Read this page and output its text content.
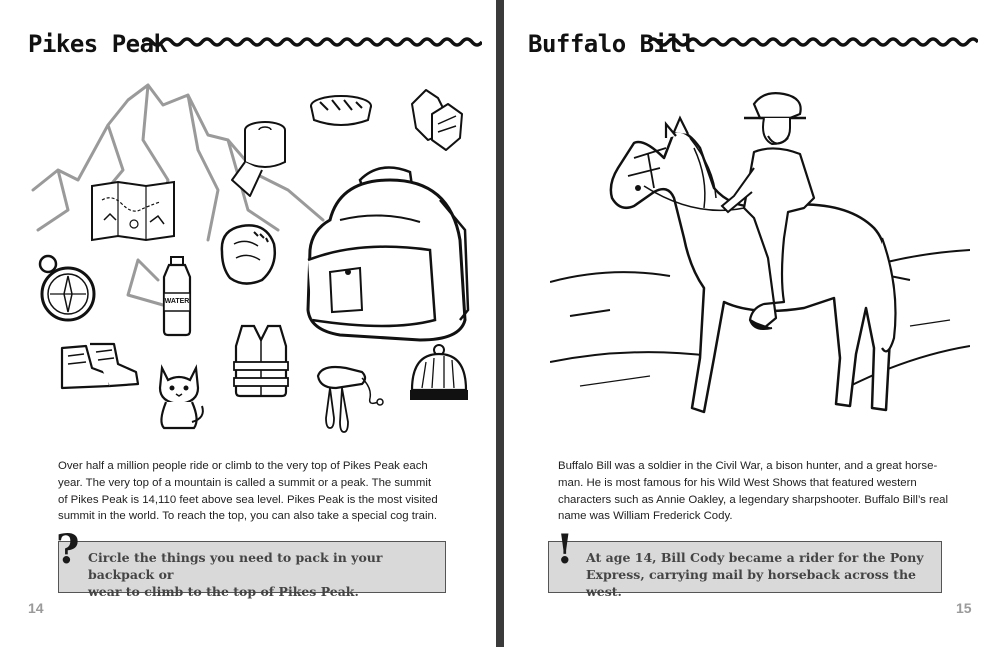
Pikes Peak
WATER
Over half a million people ride or climb to the very top of Pikes Peak each
year. The very top of a mountain is called a summit or a peak. The summit
of Pikes Peak is 14,110 feet above sea level. Pikes Peak is the most visited
summit in the world. To reach the top, you can also take a special cog train.
? Circle the things you need to pack in your backpack or
wear to climb to the top of Pikes Peak.
14
Buffalo Bill
Buffalo Bill was a soldier in the Civil War, a bison hunter, and a great horse-
man. He is most famous for his Wild West Shows that featured western
characters such as Annie Oakley, a legendary sharpshooter. Buffalo Bill’s real
name was William Frederick Cody.
! At age 14, Bill Cody became a rider for the Pony
Express, carrying mail by horseback across the west.
15
